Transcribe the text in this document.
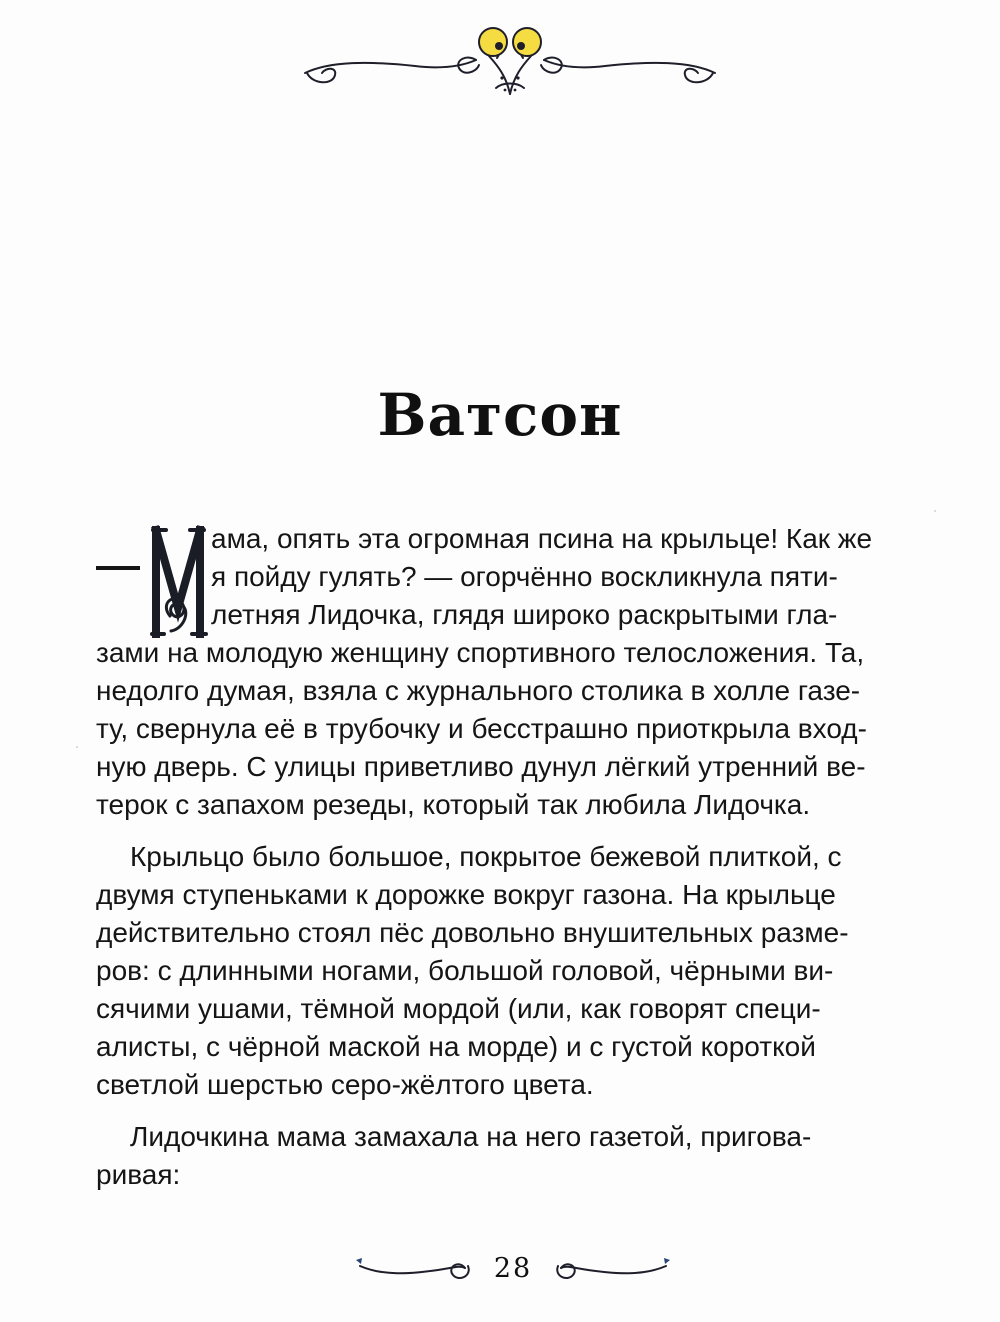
Ватсон
ама, опять эта огромная псина на крыльце! Как же
я пойду гулять? — огорчённо воскликнула пяти-
летняя Лидочка, глядя широко раскрытыми гла-
зами на молодую женщину спортивного телосложения. Та,
недолго думая, взяла с журнального столика в холле газе-
ту, свернула её в трубочку и бесстрашно приоткрыла вход-
ную дверь. С улицы приветливо дунул лёгкий утренний ве-
терок с запахом резеды, который так любила Лидочка.
Крыльцо было большое, покрытое бежевой плиткой, с
двумя ступеньками к дорожке вокруг газона. На крыльце
действительно стоял пёс довольно внушительных разме-
ров: с длинными ногами, большой головой, чёрными ви-
сячими ушами, тёмной мордой (или, как говорят специ-
алисты, с чёрной маской на морде) и с густой короткой
светлой шерстью серо-жёлтого цвета.
Лидочкина мама замахала на него газетой, пригова-
ривая:
28
